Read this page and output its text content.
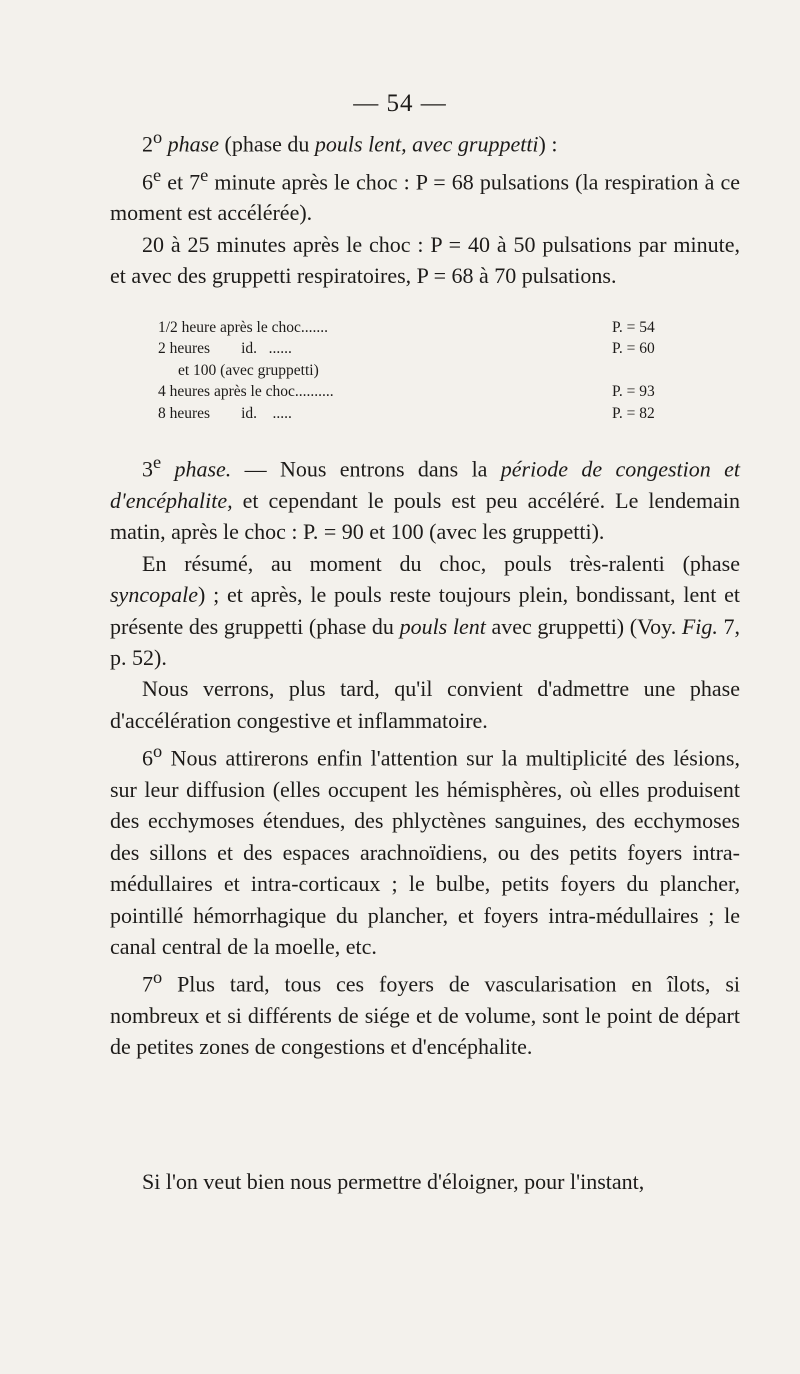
— 54 —

2$^o$ phase (phase du pouls lent, avec gruppetti) :

6e et 7e minute après le choc : P = 68 pulsations (la respiration à ce moment est accélérée).

20 à 25 minutes après le choc : P = 40 à 50 pulsations par minute, et avec des gruppetti respiratoires, P = 68 à 70 pulsations.

1/2 heure après le choc.......	P. = 54
2 heures        id.   ......	P. = 60
et 100 (avec gruppetti)
4 heures après le choc..........	P. = 93
8 heures        id.    .....	P. = 82

3e phase. — Nous entrons dans la période de congestion et d'encéphalite, et cependant le pouls est peu accéléré. Le lendemain matin, après le choc : P. = 90 et 100 (avec les gruppetti).

En résumé, au moment du choc, pouls très-ralenti (phase syncopale) ; et après, le pouls reste toujours plein, bondissant, lent et présente des gruppetti (phase du pouls lent avec gruppetti) (Voy. Fig. 7, p. 52).

Nous verrons, plus tard, qu'il convient d'admettre une phase d'accélération congestive et inflammatoire.

6$^o$ Nous attirerons enfin l'attention sur la multiplicité des lésions, sur leur diffusion (elles occupent les hémisphères, où elles produisent des ecchymoses étendues, des phlyctènes sanguines, des ecchymoses des sillons et des espaces arachnoïdiens, ou des petits foyers intra-médullaires et intra-corticaux ; le bulbe, petits foyers du plancher, pointillé hémorrhagique du plancher, et foyers intra-médullaires ; le canal central de la moelle, etc.

7$^o$ Plus tard, tous ces foyers de vascularisation en îlots, si nombreux et si différents de siége et de volume, sont le point de départ de petites zones de congestions et d'encéphalite.

Si l'on veut bien nous permettre d'éloigner, pour l'instant,
